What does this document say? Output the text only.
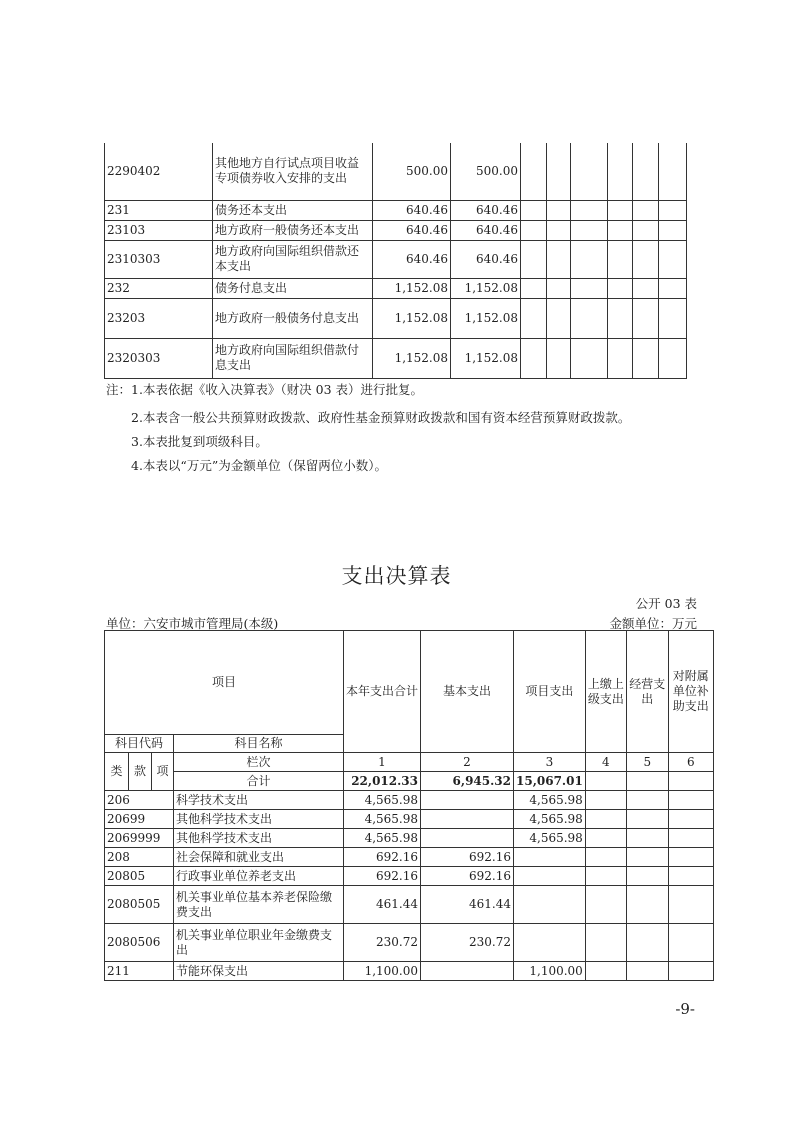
2290402	其他地方自行试点项目收益专项债券收入安排的支出	500.00	500.00						
231	债务还本支出	640.46	640.46						
23103	地方政府一般债务还本支出	640.46	640.46						
2310303	地方政府向国际组织借款还本支出	640.46	640.46						
232	债务付息支出	1,152.08	1,152.08						
23203	地方政府一般债务付息支出	1,152.08	1,152.08						
2320303	地方政府向国际组织借款付息支出	1,152.08	1,152.08						
注：1.本表依据《收入决算表》（财决 03 表）进行批复。
2.本表含一般公共预算财政拨款、政府性基金预算财政拨款和国有资本经营预算财政拨款。
3.本表批复到项级科目。
4.本表以“万元”为金额单位（保留两位小数）。
支出决算表
公开 03 表
单位：六安市城市管理局(本级)	金额单位：万元
项目				本年支出合计	基本支出	项目支出	上缴上级支出	经营支出	对附属单位补助支出
科目代码			科目名称						
类	款	项	栏次	1	2	3	4	5	6
			合计	22,012.33	6,945.32	15,067.01			
206			科学技术支出	4,565.98		4,565.98			
20699			其他科学技术支出	4,565.98		4,565.98			
2069999			其他科学技术支出	4,565.98		4,565.98			
208			社会保障和就业支出	692.16	692.16				
20805			行政事业单位养老支出	692.16	692.16				
2080505			机关事业单位基本养老保险缴费支出	461.44	461.44				
2080506			机关事业单位职业年金缴费支出	230.72	230.72				
211			节能环保支出	1,100.00		1,100.00			
-9-
